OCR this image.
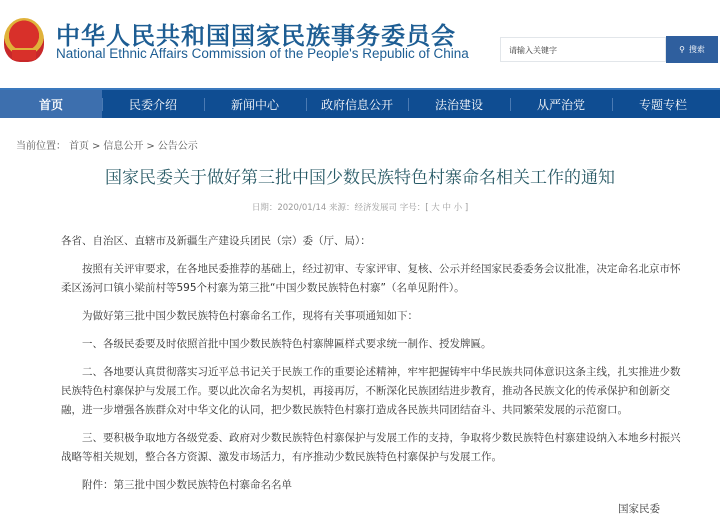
中华人民共和国国家民族事务委员会
National Ethnic Affairs Commission of the People's Republic of China	请输入关键字	⚲ 搜索
首页	民委介绍	新闻中心	政府信息公开	法治建设	从严治党	专题专栏
当前位置： 首页 > 信息公开 > 公告公示
国家民委关于做好第三批中国少数民族特色村寨命名相关工作的通知
日期：2020/01/14 来源：经济发展司 字号：[ 大 中 小 ]
各省、自治区、直辖市及新疆生产建设兵团民（宗）委（厅、局）：
按照有关评审要求，在各地民委推荐的基础上，经过初审、专家评审、复核、公示并经国家民委委务会议批准，决定命名北京市怀
柔区汤河口镇小梁前村等595个村寨为第三批“中国少数民族特色村寨”（名单见附件）。
为做好第三批中国少数民族特色村寨命名工作，现将有关事项通知如下：
一、各级民委要及时依照首批中国少数民族特色村寨牌匾样式要求统一制作、授发牌匾。
二、各地要认真贯彻落实习近平总书记关于民族工作的重要论述精神，牢牢把握铸牢中华民族共同体意识这条主线，扎实推进少数
民族特色村寨保护与发展工作。要以此次命名为契机，再接再厉，不断深化民族团结进步教育，推动各民族文化的传承保护和创新交
融，进一步增强各族群众对中华文化的认同，把少数民族特色村寨打造成各民族共同团结奋斗、共同繁荣发展的示范窗口。
三、要积极争取地方各级党委、政府对少数民族特色村寨保护与发展工作的支持，争取将少数民族特色村寨建设纳入本地乡村振兴
战略等相关规划，整合各方资源、激发市场活力，有序推动少数民族特色村寨保护与发展工作。
附件：第三批中国少数民族特色村寨命名名单
国家民委
